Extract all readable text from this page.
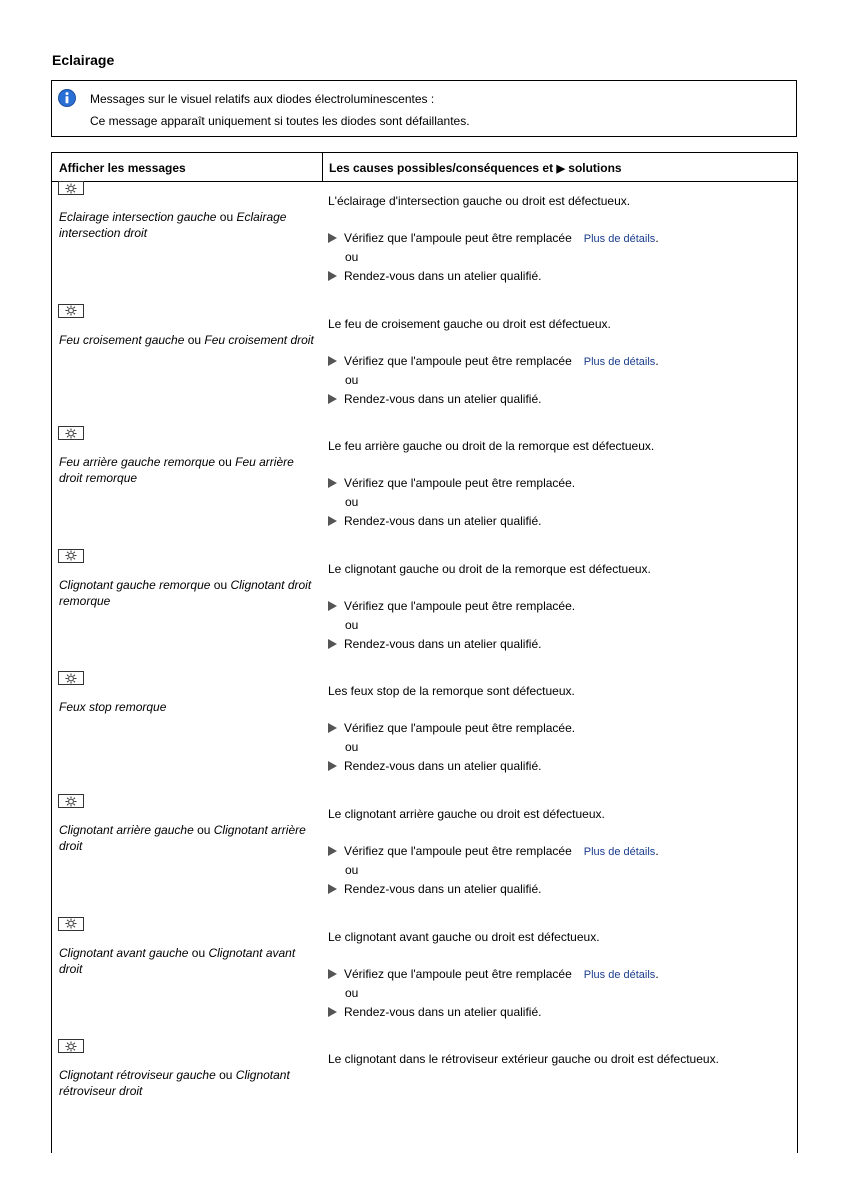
Eclairage
Messages sur le visuel relatifs aux diodes électroluminescentes :
Ce message apparaît uniquement si toutes les diodes sont défaillantes.
Afficher les messages	Les causes possibles/conséquences et ▶ solutions
Eclairage intersection gauche ou Eclairage intersection droit
L'éclairage d'intersection gauche ou droit est défectueux.
Vérifiez que l'ampoule peut être remplacée Plus de détails.
ou
Rendez-vous dans un atelier qualifié.
Feu croisement gauche ou Feu croisement droit
Le feu de croisement gauche ou droit est défectueux.
Vérifiez que l'ampoule peut être remplacée Plus de détails.
ou
Rendez-vous dans un atelier qualifié.
Feu arrière gauche remorque ou Feu arrière droit remorque
Le feu arrière gauche ou droit de la remorque est défectueux.
Vérifiez que l'ampoule peut être remplacée.
ou
Rendez-vous dans un atelier qualifié.
Clignotant gauche remorque ou Clignotant droit remorque
Le clignotant gauche ou droit de la remorque est défectueux.
Vérifiez que l'ampoule peut être remplacée.
ou
Rendez-vous dans un atelier qualifié.
Feux stop remorque
Les feux stop de la remorque sont défectueux.
Vérifiez que l'ampoule peut être remplacée.
ou
Rendez-vous dans un atelier qualifié.
Clignotant arrière gauche ou Clignotant arrière droit
Le clignotant arrière gauche ou droit est défectueux.
Vérifiez que l'ampoule peut être remplacée Plus de détails.
ou
Rendez-vous dans un atelier qualifié.
Clignotant avant gauche ou Clignotant avant droit
Le clignotant avant gauche ou droit est défectueux.
Vérifiez que l'ampoule peut être remplacée Plus de détails.
ou
Rendez-vous dans un atelier qualifié.
Clignotant rétroviseur gauche ou Clignotant rétroviseur droit
Le clignotant dans le rétroviseur extérieur gauche ou droit est défectueux.
